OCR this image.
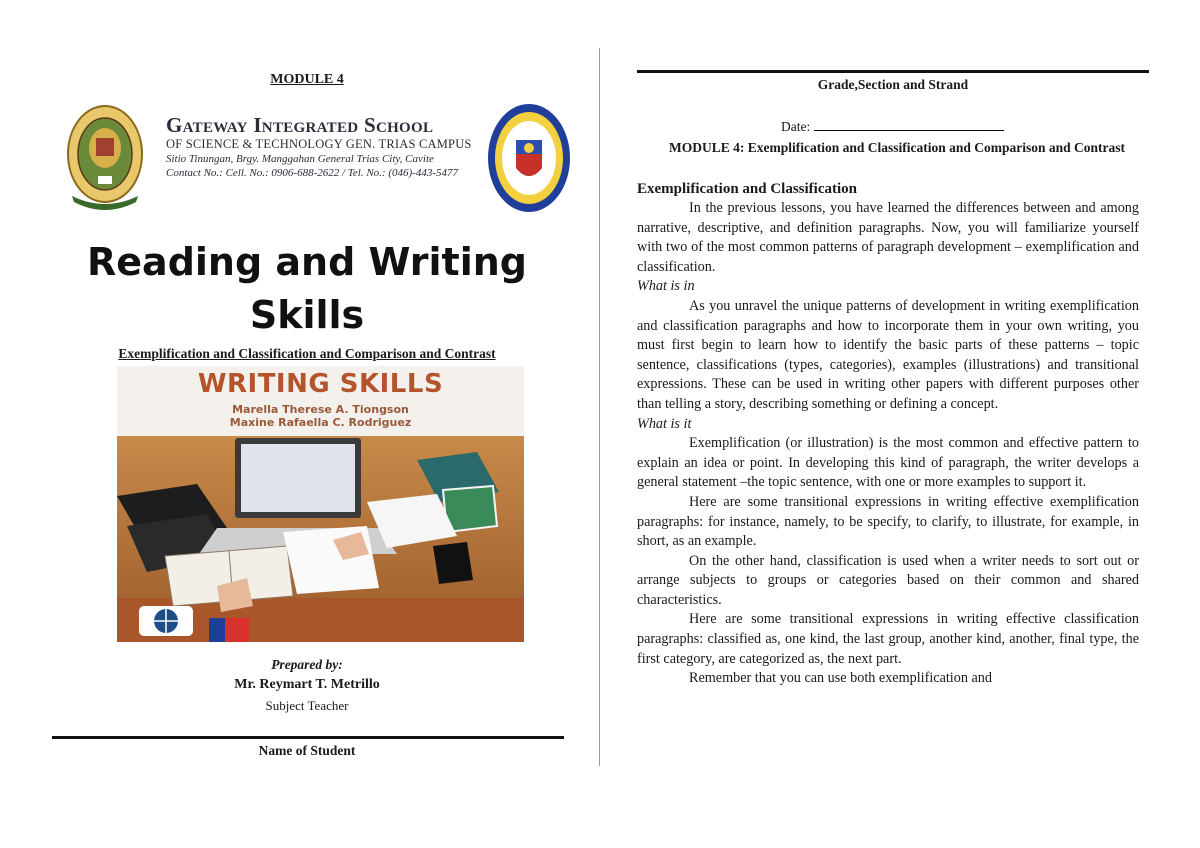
MODULE 4
Gateway Integrated School
OF SCIENCE & TECHNOLOGY GEN. TRIAS CAMPUS
Sitio Tinungan, Brgy. Manggahan General Trias City, Cavite
Contact No.: Cell. No.: 0906-688-2622 / Tel. No.: (046)-443-5477
Reading and Writing
Skills
Exemplification and Classification and Comparison and Contrast
WRITING SKILLS
Marella Therese A. Tiongson
Maxine Rafaella C. Rodriguez
Prepared by:
Mr. Reymart T. Metrillo
Subject Teacher
Name of Student
Grade,Section and Strand
Date:
MODULE 4: Exemplification and Classification and Comparison and Contrast
Exemplification and Classification

In the previous lessons, you have learned the differences between and among narrative, descriptive, and definition paragraphs. Now, you will familiarize yourself with two of the most common patterns of paragraph development – exemplification and classification.

What is in

As you unravel the unique patterns of development in writing exemplification and classification paragraphs and how to incorporate them in your own writing, you must first begin to learn how to identify the basic parts of these patterns – topic sentence, classifications (types, categories), examples (illustrations) and transitional expressions. These can be used in writing other papers with different purposes other than telling a story, describing something or defining a concept.

What is it

Exemplification (or illustration) is the most common and effective pattern to explain an idea or point. In developing this kind of paragraph, the writer develops a general statement –the topic sentence, with one or more examples to support it.

Here are some transitional expressions in writing effective exemplification paragraphs: for instance, namely, to be specify, to clarify, to illustrate, for example, in short, as an example.

On the other hand, classification is used when a writer needs to sort out or arrange subjects to groups or categories based on their common and shared characteristics.

Here are some transitional expressions in writing effective classification paragraphs: classified as, one kind, the last group, another kind, another, final type, the first category, are categorized as, the next part.

Remember that you can use both exemplification and
